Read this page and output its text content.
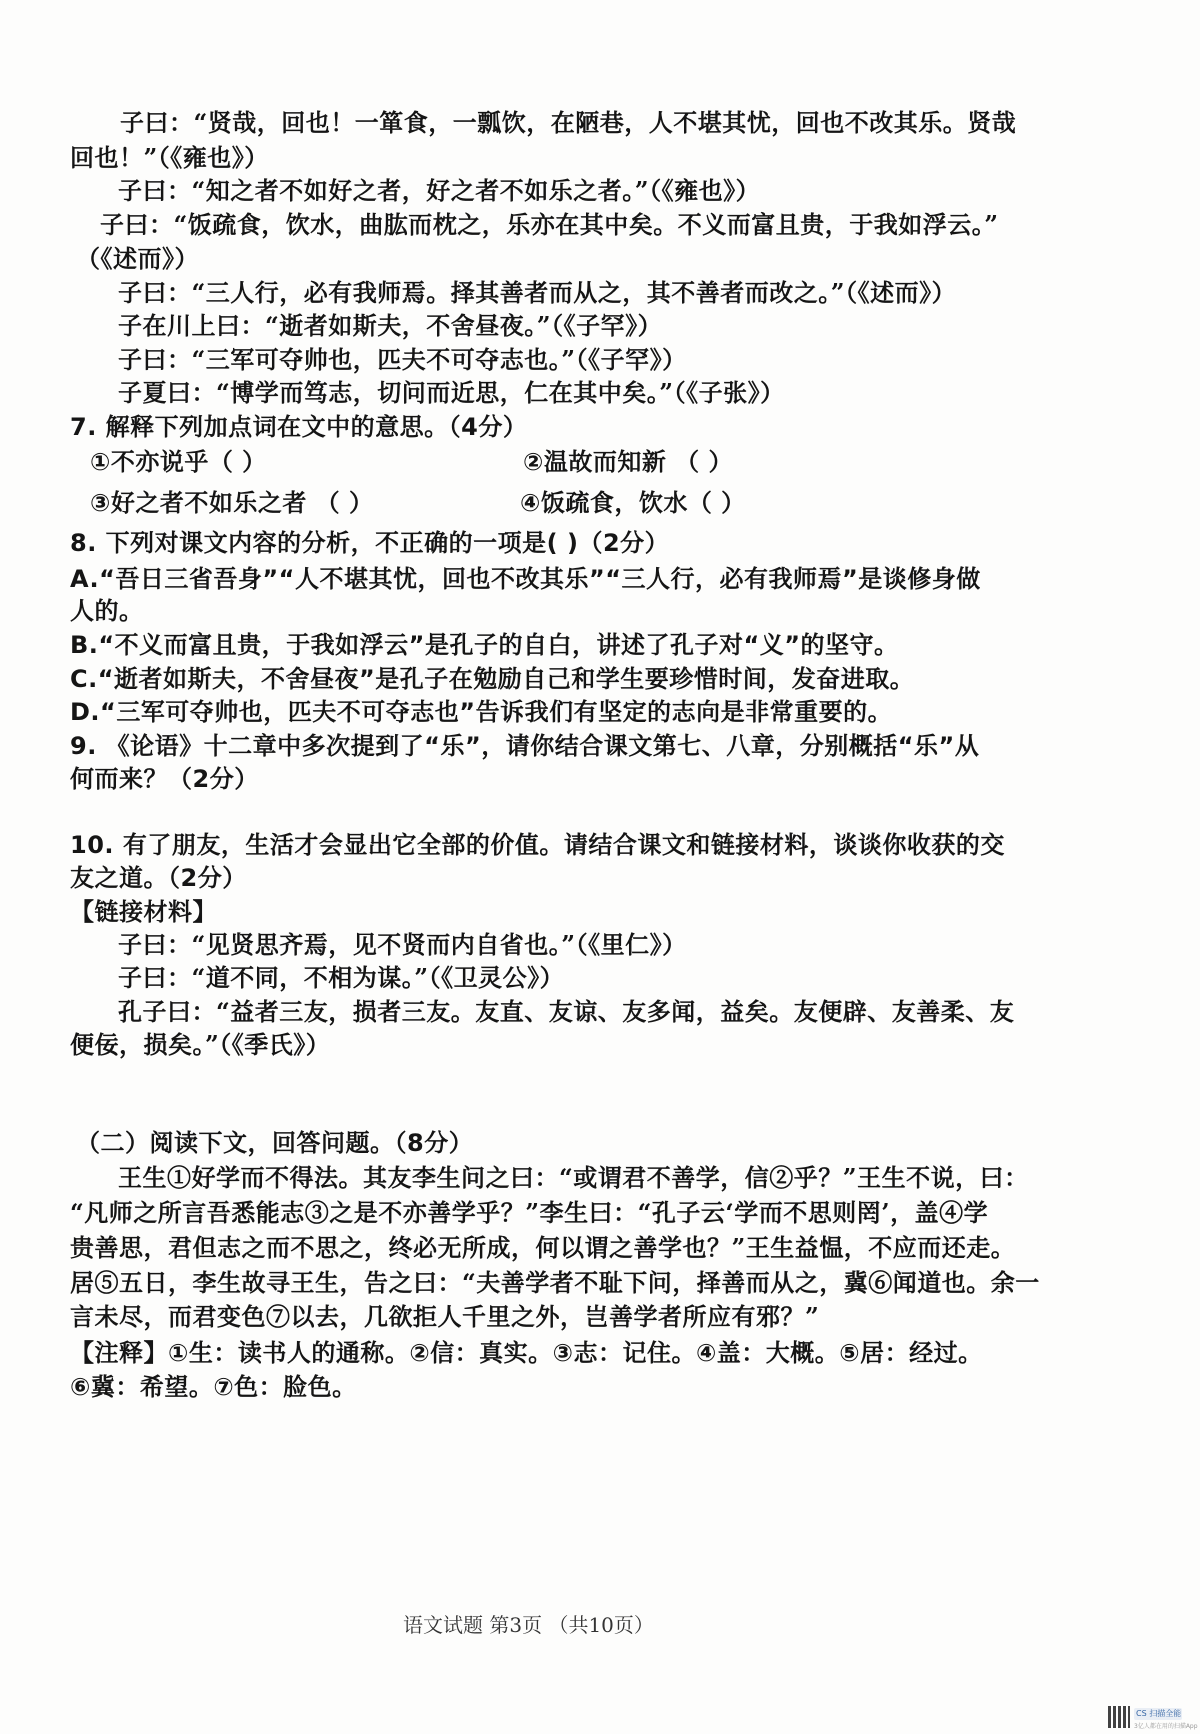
子曰：“贤哉，回也！一箪食，一瓢饮，在陋巷，人不堪其忧，回也不改其乐。贤哉
回也！”（《雍也》）
子曰：“知之者不如好之者，好之者不如乐之者。”（《雍也》）
子曰：“饭疏食，饮水，曲肱而枕之，乐亦在其中矣。不义而富且贵，于我如浮云。”
（《述而》）
子曰：“三人行，必有我师焉。择其善者而从之，其不善者而改之。”（《述而》）
子在川上曰：“逝者如斯夫，不舍昼夜。”（《子罕》）
子曰：“三军可夺帅也，匹夫不可夺志也。”（《子罕》）
子夏曰：“博学而笃志，切问而近思，仁在其中矣。”（《子张》）
7. 解释下列加点词在文中的意思。（4分）
①不亦说乎（ ）	②温故而知新 （ ）
③好之者不如乐之者 （ ）	④饭疏食，饮水（ ）
8. 下列对课文内容的分析，不正确的一项是( )（2分）
A.“吾日三省吾身”“人不堪其忧，回也不改其乐”“三人行，必有我师焉”是谈修身做
人的。
B.“不义而富且贵，于我如浮云”是孔子的自白，讲述了孔子对“义”的坚守。
C.“逝者如斯夫，不舍昼夜”是孔子在勉励自己和学生要珍惜时间，发奋进取。
D.“三军可夺帅也，匹夫不可夺志也”告诉我们有坚定的志向是非常重要的。
9. 《论语》十二章中多次提到了“乐”，请你结合课文第七、八章，分别概括“乐”从
何而来？（2分）
10. 有了朋友，生活才会显出它全部的价值。请结合课文和链接材料，谈谈你收获的交
友之道。（2分）
【链接材料】
子曰：“见贤思齐焉，见不贤而内自省也。”（《里仁》）
子曰：“道不同，不相为谋。”（《卫灵公》）
孔子曰：“益者三友，损者三友。友直、友谅、友多闻，益矣。友便辟、友善柔、友
便佞，损矣。”（《季氏》）
（二）阅读下文，回答问题。（8分）
王生①好学而不得法。其友李生问之曰：“或谓君不善学，信②乎？”王生不说，曰：
“凡师之所言吾悉能志③之是不亦善学乎？”李生曰：“孔子云‘学而不思则罔’，盖④学
贵善思，君但志之而不思之，终必无所成，何以谓之善学也？”王生益愠，不应而还走。
居⑤五日，李生故寻王生，告之曰：“夫善学者不耻下问，择善而从之，冀⑥闻道也。余一
言未尽，而君变色⑦以去，几欲拒人千里之外，岂善学者所应有邪？”
【注释】①生：读书人的通称。②信：真实。③志：记住。④盖：大概。⑤居：经过。
⑥冀：希望。⑦色：脸色。
语文试题 第3页 （共10页）
CS 扫描全能
3亿人都在用的扫描App
